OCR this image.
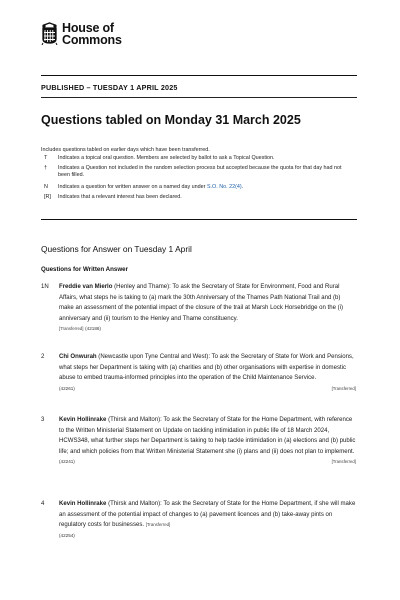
House of
Commons
PUBLISHED – TUESDAY 1 APRIL 2025
Questions tabled on Monday 31 March 2025
Includes questions tabled on earlier days which have been transferred.
T	Indicates a topical oral question. Members are selected by ballot to ask a Topical Question.
†	Indicates a Question not included in the random selection process but accepted because the quota for that day had not been filled.
N	Indicates a question for written answer on a named day under S.O. No. 22(4).
[R]	Indicates that a relevant interest has been declared.
Questions for Answer on Tuesday 1 April
Questions for Written Answer
1N Freddie van Mierlo (Henley and Thame): To ask the Secretary of State for Environment, Food and Rural Affairs, what steps he is taking to (a) mark the 30th Anniversary of the Thames Path National Trail and (b) make an assessment of the potential impact of the closure of the trail at Marsh Lock Horsebridge on the (i) anniversary and (ii) tourism to the Henley and Thame constituency.
[Transferred] (42186)
2 Chi Onwurah (Newcastle upon Tyne Central and West): To ask the Secretary of State for Work and Pensions, what steps her Department is taking with (a) charities and (b) other organisations with expertise in domestic abuse to embed trauma-informed principles into the operation of the Child Maintenance Service.
(42261)	[Transferred]
3 Kevin Hollinrake (Thirsk and Malton): To ask the Secretary of State for the Home Department, with reference to the Written Ministerial Statement on Update on tackling intimidation in public life of 18 March 2024, HCWS348, what further steps her Department is taking to help tackle intimidation in (a) elections and (b) public life; and which policies from that Written Ministerial Statement she (i) plans and (ii) does not plan to implement.
(42241)	[Transferred]
4 Kevin Hollinrake (Thirsk and Malton): To ask the Secretary of State for the Home Department, if she will make an assessment of the potential impact of changes to (a) pavement licences and (b) take-away pints on regulatory costs for businesses. [Transferred]
(42254)
